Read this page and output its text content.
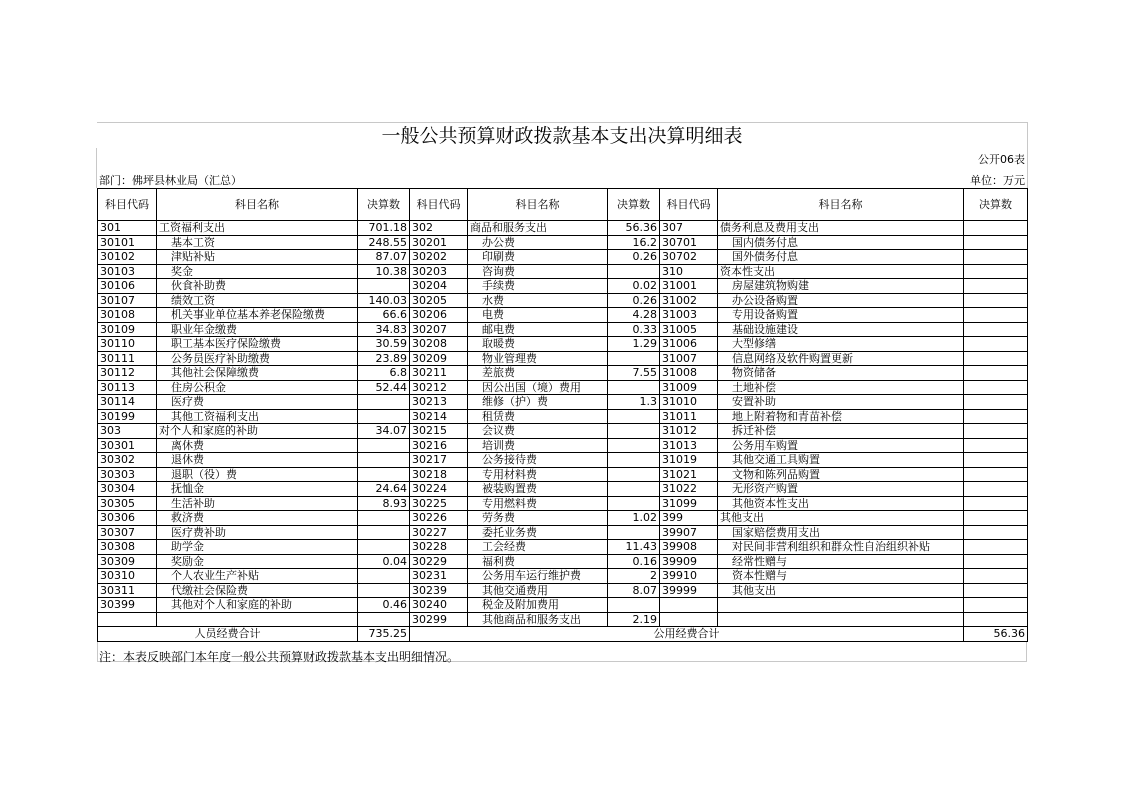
一般公共预算财政拨款基本支出决算明细表
公开06表
部门：佛坪县林业局（汇总）	单位：万元
科目代码	科目名称	决算数	科目代码	科目名称	决算数	科目代码	科目名称	决算数
301	工资福利支出	701.18	302	商品和服务支出	56.36	307	债务利息及费用支出	
30101	基本工资	248.55	30201	办公费	16.2	30701	国内债务付息	
30102	津贴补贴	87.07	30202	印刷费	0.26	30702	国外债务付息	
30103	奖金	10.38	30203	咨询费		310	资本性支出	
30106	伙食补助费		30204	手续费	0.02	31001	房屋建筑物购建	
30107	绩效工资	140.03	30205	水费	0.26	31002	办公设备购置	
30108	机关事业单位基本养老保险缴费	66.6	30206	电费	4.28	31003	专用设备购置	
30109	职业年金缴费	34.83	30207	邮电费	0.33	31005	基础设施建设	
30110	职工基本医疗保险缴费	30.59	30208	取暖费	1.29	31006	大型修缮	
30111	公务员医疗补助缴费	23.89	30209	物业管理费		31007	信息网络及软件购置更新	
30112	其他社会保障缴费	6.8	30211	差旅费	7.55	31008	物资储备	
30113	住房公积金	52.44	30212	因公出国（境）费用		31009	土地补偿	
30114	医疗费		30213	维修（护）费	1.3	31010	安置补助	
30199	其他工资福利支出		30214	租赁费		31011	地上附着物和青苗补偿	
303	对个人和家庭的补助	34.07	30215	会议费		31012	拆迁补偿	
30301	离休费		30216	培训费		31013	公务用车购置	
30302	退休费		30217	公务接待费		31019	其他交通工具购置	
30303	退职（役）费		30218	专用材料费		31021	文物和陈列品购置	
30304	抚恤金	24.64	30224	被装购置费		31022	无形资产购置	
30305	生活补助	8.93	30225	专用燃料费		31099	其他资本性支出	
30306	救济费		30226	劳务费	1.02	399	其他支出	
30307	医疗费补助		30227	委托业务费		39907	国家赔偿费用支出	
30308	助学金		30228	工会经费	11.43	39908	对民间非营利组织和群众性自治组织补贴	
30309	奖励金	0.04	30229	福利费	0.16	39909	经常性赠与	
30310	个人农业生产补贴		30231	公务用车运行维护费	2	39910	资本性赠与	
30311	代缴社会保险费		30239	其他交通费用	8.07	39999	其他支出	
30399	其他对个人和家庭的补助	0.46	30240	税金及附加费用				
			30299	其他商品和服务支出	2.19			
人员经费合计		735.25	公用经费合计					56.36
注：本表反映部门本年度一般公共预算财政拨款基本支出明细情况。
